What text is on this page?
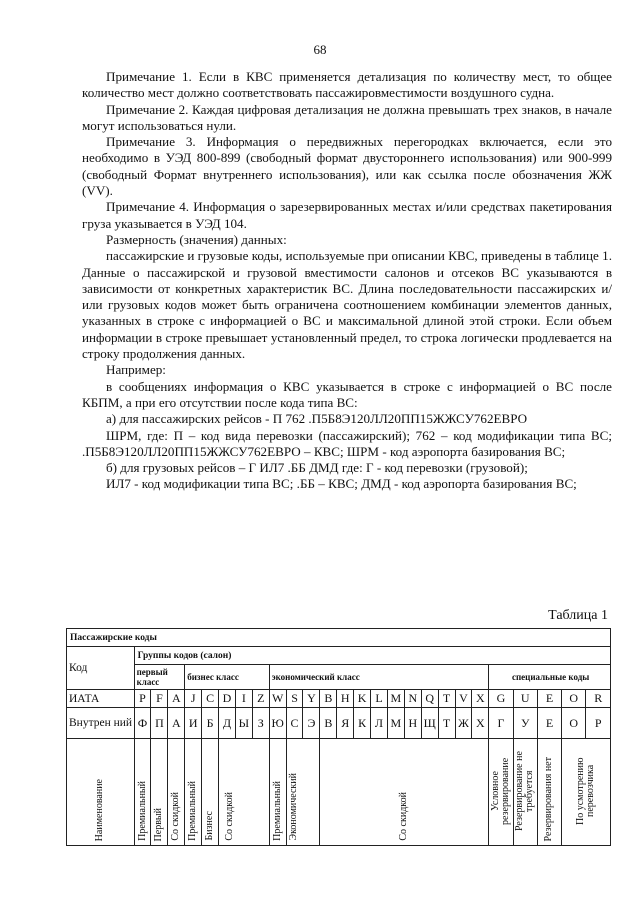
68

Примечание 1. Если в КВС применяется детализация по количеству мест, то общее количество мест должно соответствовать пассажировместимости воздушного судна.

Примечание 2. Каждая цифровая детализация не должна превышать трех знаков, в начале могут использоваться нули.

Примечание 3. Информация о передвижных перегородках включается, если это необходимо в УЭД 800-899 (свободный формат двустороннего использования) или 900-999 (свободный Формат внутреннего использования), или как ссылка после обозначения ЖЖ (VV).

Примечание 4. Информация о зарезервированных местах и/или средствах пакетирования груза указывается в УЭД 104.

Размерность (значения) данных:

пассажирские и грузовые коды, используемые при описании КВС, приведены в таблице 1. Данные о пассажирской и грузовой вместимости салонов и отсеков ВС указываются в зависимости от конкретных характеристик ВС. Длина последовательности пассажирских и/или грузовых кодов может быть ограничена соотношением комбинации элементов данных, указанных в строке с информацией о ВС и максимальной длиной этой строки. Если объем информации в строке превышает установленный предел, то строка логически продлевается на строку продолжения данных.

Например:

в сообщениях информация о КВС указывается в строке с информацией о ВС после КБПМ, а при его отсутствии после кода типа ВС:

а) для пассажирских рейсов - П 762 .П5Б8Э120ЛЛ20ПП15ЖЖСУ762ЕВРО

ШРМ, где: П – код вида перевозки (пассажирский); 762 – код модификации типа ВС; .П5Б8Э120ЛЛ20ПП15ЖЖСУ762ЕВРО – КВС; ШРМ - код аэропорта базирования ВС;

б) для грузовых рейсов – Г ИЛ7 .ББ ДМД где: Г - код перевозки (грузовой);

ИЛ7 - код модификации типа ВС; .ББ – КВС; ДМД - код аэропорта базирования ВС;

Таблица 1
Пассажирские коды																										
Код	Группы кодов (салон)																									
	первый класс			бизнес класс					экономический класс													специальные коды				
ИАТА	P	F	A	J	C	D	I	Z	W	S	Y	B	H	K	L	M	N	Q	T	V	X	G	U	E	O	R
Внутрен ний	Ф	П	А	И	Б	Д	Ы	З	Ю	С	Э	В	Я	К	Л	М	Н	Щ	Т	Ж	Х	Г	У	Е	О	Р
Наименование	Премиальный	Первый	Со скидкой	Премиальный	Бизнес	Со скидкой			Премиальный	Экономический		Со скидкой										Условное резервирование	Резервирование не требуется	Резервирования нет	По усмотрению перевозчика	
